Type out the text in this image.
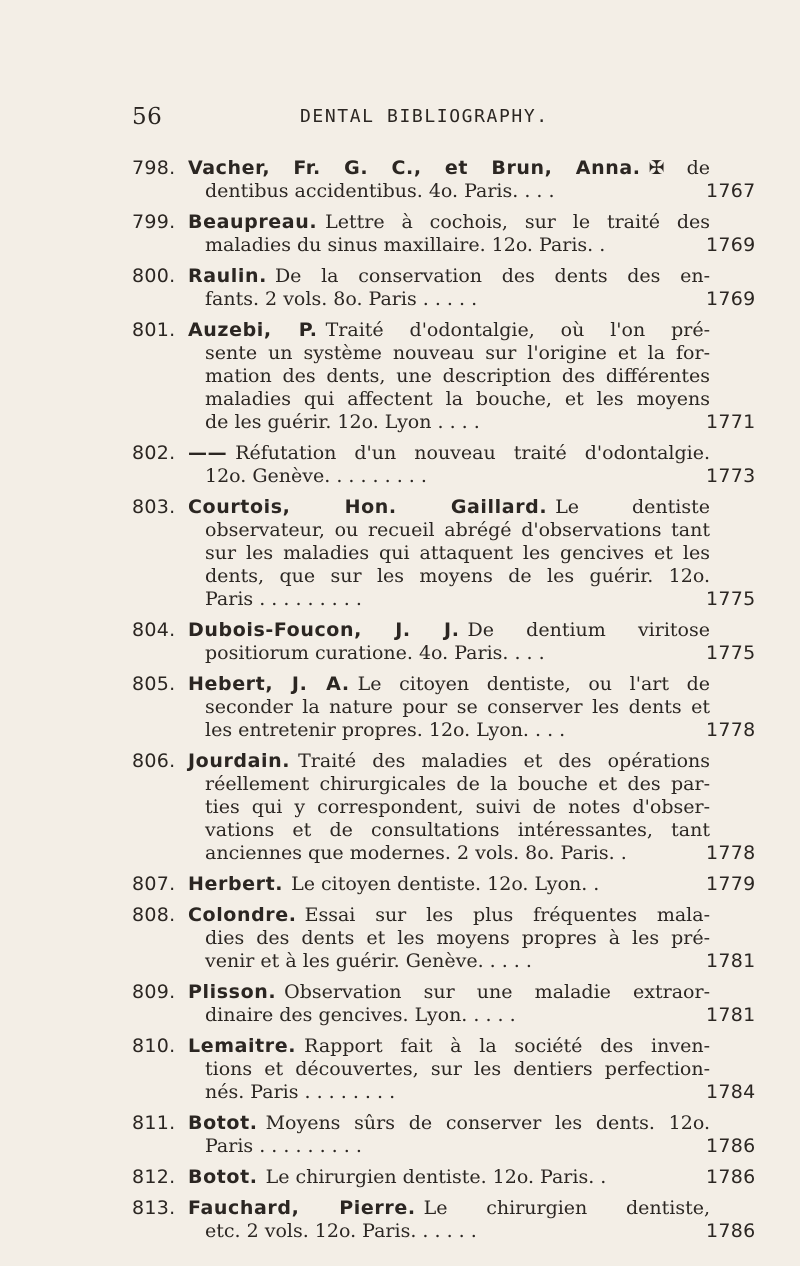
56	DENTAL BIBLIOGRAPHY.
798. Vacher, Fr. G. C., et Brun, Anna. ✠ de
dentibus accidentibus. 4o. Paris. . . .	1767
799. Beaupreau. Lettre à cochois, sur le traité des
maladies du sinus maxillaire. 12o. Paris. .	1769
800. Raulin. De la conservation des dents des en-
fants. 2 vols. 8o. Paris . . . . .	1769
801. Auzebi, P. Traité d'odontalgie, où l'on pré-
sente un système nouveau sur l'origine et la for-
mation des dents, une description des différentes
maladies qui affectent la bouche, et les moyens
de les guérir. 12o. Lyon . . . .	1771
802. —— Réfutation d'un nouveau traité d'odontalgie.
12o. Genève. . . . . . . . .	1773
803. Courtois, Hon. Gaillard. Le dentiste
observateur, ou recueil abrégé d'observations tant
sur les maladies qui attaquent les gencives et les
dents, que sur les moyens de les guérir. 12o.
Paris . . . . . . . . .	1775
804. Dubois-Foucon, J. J. De dentium viritose
positiorum curatione. 4o. Paris. . . .	1775
805. Hebert, J. A. Le citoyen dentiste, ou l'art de
seconder la nature pour se conserver les dents et
les entretenir propres. 12o. Lyon. . . .	1778
806. Jourdain. Traité des maladies et des opérations
réellement chirurgicales de la bouche et des par-
ties qui y correspondent, suivi de notes d'obser-
vations et de consultations intéressantes, tant
anciennes que modernes. 2 vols. 8o. Paris. .	1778
807. Herbert. Le citoyen dentiste. 12o. Lyon. .	1779
808. Colondre. Essai sur les plus fréquentes mala-
dies des dents et les moyens propres à les pré-
venir et à les guérir. Genève. . . . .	1781
809. Plisson. Observation sur une maladie extraor-
dinaire des gencives. Lyon. . . . .	1781
810. Lemaitre. Rapport fait à la société des inven-
tions et découvertes, sur les dentiers perfection-
nés. Paris . . . . . . . .	1784
811. Botot. Moyens sûrs de conserver les dents. 12o.
Paris . . . . . . . . .	1786
812. Botot. Le chirurgien dentiste. 12o. Paris. .	1786
813. Fauchard, Pierre. Le chirurgien dentiste,
etc. 2 vols. 12o. Paris. . . . . .	1786
